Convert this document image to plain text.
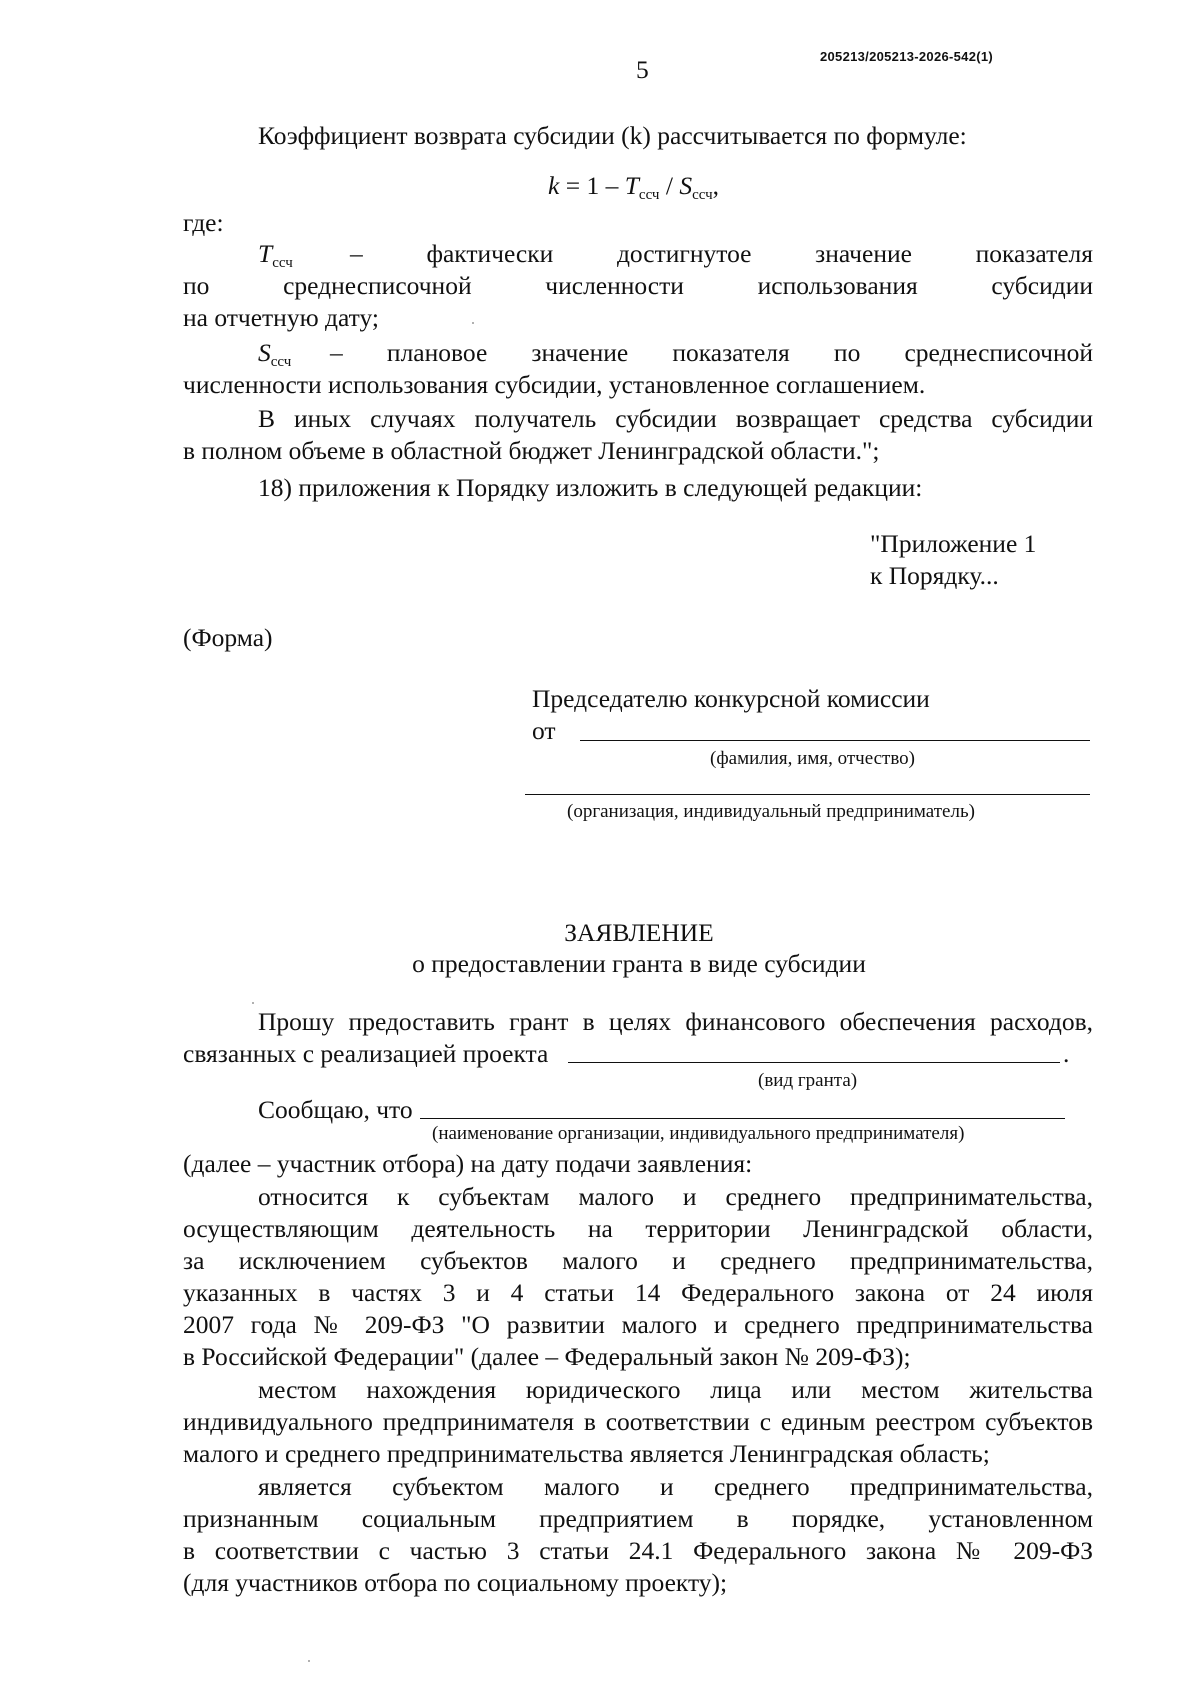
205213/205213-2026-542(1)
5
Коэффициент возврата субсидии (k) рассчитывается по формуле:
$k = 1 - T_{ссч} / S_{ссч}$,
где:
$T_{ссч}$ – фактически достигнутое значение показателя
по среднесписочной численности использования субсидии
на отчетную дату;
$S_{ссч}$ – плановое значение показателя по среднесписочной
численности использования субсидии, установленное соглашением.
В иных случаях получатель субсидии возвращает средства субсидии
в полном объеме в областной бюджет Ленинградской области.";
18) приложения к Порядку изложить в следующей редакции:
"Приложение 1
к Порядку...
(Форма)
Председателю конкурсной комиссии
от
(фамилия, имя, отчество)
(организация, индивидуальный предприниматель)
ЗАЯВЛЕНИЕ
о предоставлении гранта в виде субсидии
Прошу предоставить грант в целях финансового обеспечения расходов,
связанных с реализацией проекта	.
(вид гранта)
Сообщаю, что
(наименование организации, индивидуального предпринимателя)
(далее – участник отбора) на дату подачи заявления:
относится к субъектам малого и среднего предпринимательства,
осуществляющим деятельность на территории Ленинградской области,
за исключением субъектов малого и среднего предпринимательства,
указанных в частях 3 и 4 статьи 14 Федерального закона от 24 июля
2007 года № 209-ФЗ "О развитии малого и среднего предпринимательства
в Российской Федерации" (далее – Федеральный закон № 209-ФЗ);
местом нахождения юридического лица или местом жительства
индивидуального предпринимателя в соответствии с единым реестром субъектов
малого и среднего предпринимательства является Ленинградская область;
является субъектом малого и среднего предпринимательства,
признанным социальным предприятием в порядке, установленном
в соответствии с частью 3 статьи 24.1 Федерального закона № 209-ФЗ
(для участников отбора по социальному проекту);
